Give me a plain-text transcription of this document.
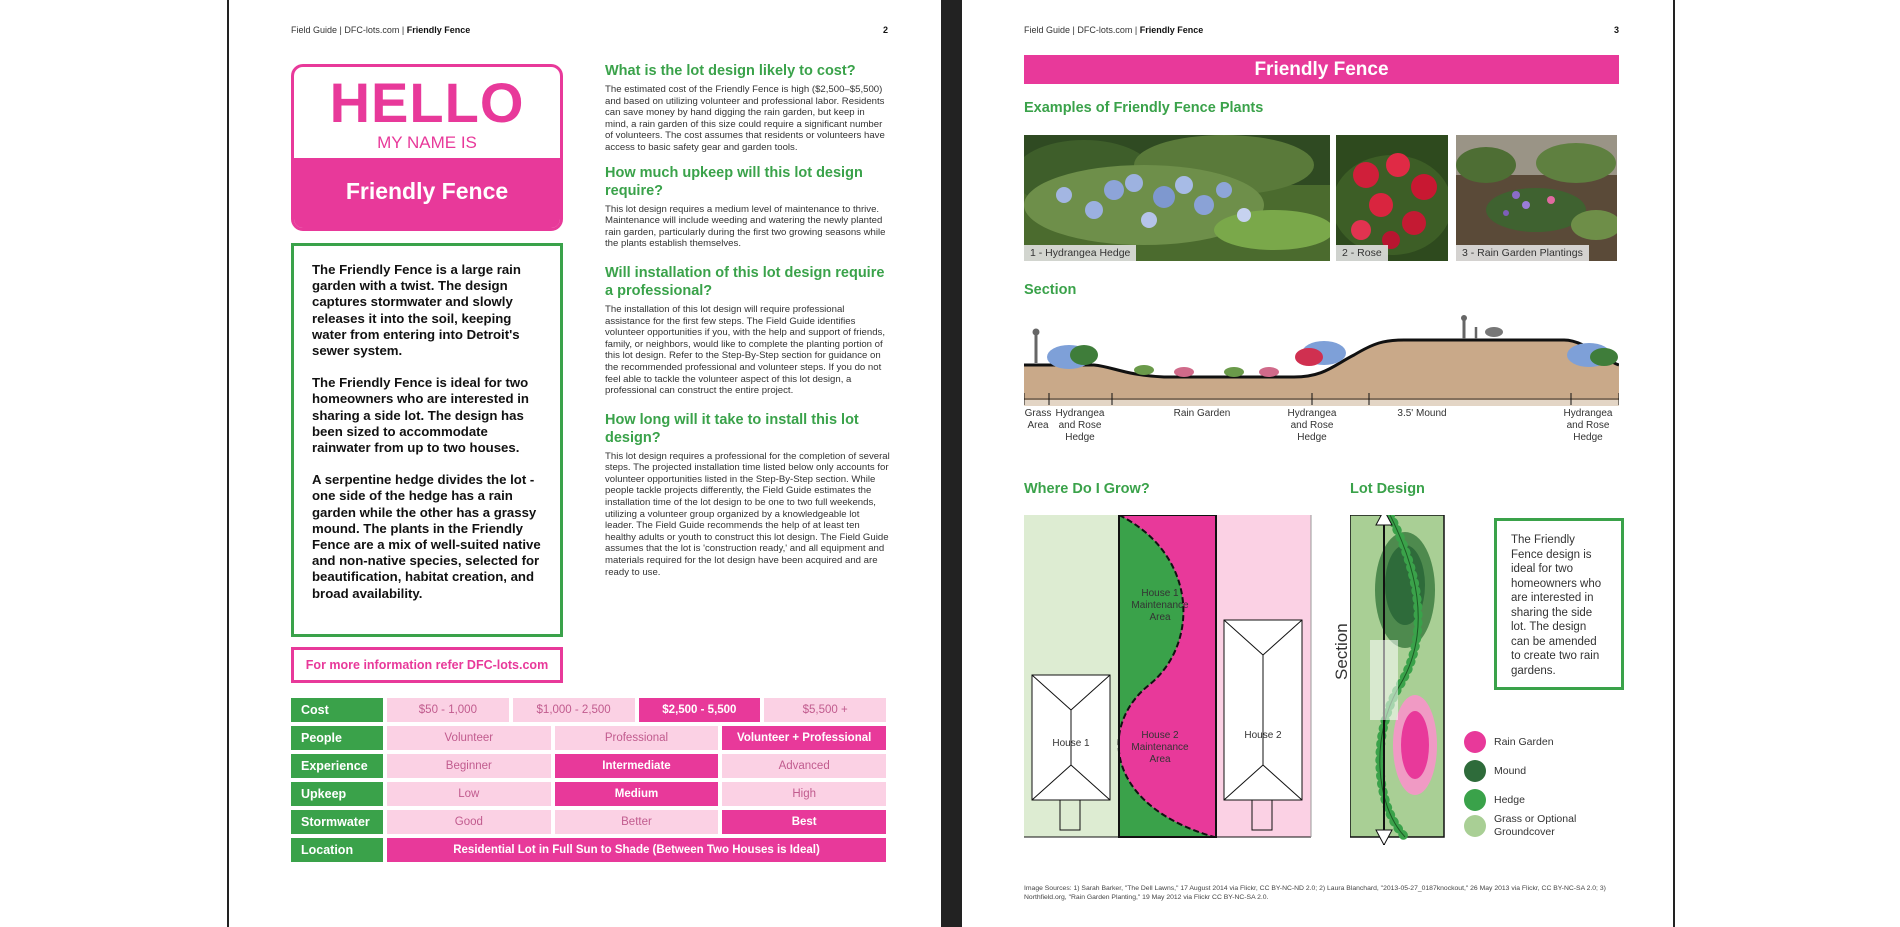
Field Guide | DFC-lots.com | Friendly Fence	2
HELLO
MY NAME IS
Friendly Fence

The Friendly Fence is a large rain garden with a twist. The design captures stormwater and slowly releases it into the soil, keeping water from entering into Detroit's sewer system.

The Friendly Fence is ideal for two homeowners who are interested in sharing a side lot. The design has been sized to accommodate rainwater from up to two houses.

A serpentine hedge divides the lot - one side of the hedge has a rain garden while the other has a grassy mound. The plants in the Friendly Fence are a mix of well-suited native and non-native species, selected for beautification, habitat creation, and broad availability.

For more information refer DFC-lots.com
What is the lot design likely to cost?
The estimated cost of the Friendly Fence is high ($2,500–$5,500) and based on utilizing volunteer and professional labor. Residents can save money by hand digging the rain garden, but keep in mind, a rain garden of this size could require a significant number of volunteers. The cost assumes that residents or volunteers have access to basic safety gear and garden tools.
How much upkeep will this lot design require?
This lot design requires a medium level of maintenance to thrive. Maintenance will include weeding and watering the newly planted rain garden, particularly during the first two growing seasons while the plants establish themselves.
Will installation of this lot design require a professional?
The installation of this lot design will require professional assistance for the first few steps. The Field Guide identifies volunteer opportunities if you, with the help and support of friends, family, or neighbors, would like to complete the planting portion of this lot design. Refer to the Step-By-Step section for guidance on the recommended professional and volunteer steps. If you do not feel able to tackle the volunteer aspect of this lot design, a professional can construct the entire project.
How long will it take to install this lot design?
This lot design requires a professional for the completion of several steps. The projected installation time listed below only accounts for volunteer opportunities listed in the Step-By-Step section. While people tackle projects differently, the Field Guide estimates the installation time of the lot design to be one to two full weekends, utilizing a volunteer group organized by a knowledgeable lot leader. The Field Guide recommends the help of at least ten healthy adults or youth to construct this lot design. The Field Guide assumes that the lot is 'construction ready,' and all equipment and materials required for the lot design have been acquired and are ready to use.
Cost	$50 - 1,000	$1,000 - 2,500	$2,500 - 5,500	$5,500 +
People	Volunteer	Professional	Volunteer + Professional
Experience	Beginner	Intermediate	Advanced
Upkeep	Low	Medium	High
Stormwater	Good	Better	Best
Location	Residential Lot in Full Sun to Shade (Between Two Houses is Ideal)
Field Guide | DFC-lots.com | Friendly Fence	3
Friendly Fence
Examples of Friendly Fence Plants
1 - Hydrangea Hedge	2 - Rose	3 - Rain Garden Plantings
Section
Grass Area
Hydrangea and Rose Hedge
Rain Garden	Hydrangea and Rose Hedge
3.5' Mound	Hydrangea and Rose Hedge
Where Do I Grow?	Lot Design
House 1
House 2
House 1 Maintenance Area
House 2 Maintenance Area
Section
The Friendly Fence design is ideal for two homeowners who are interested in sharing the side lot. The design can be amended to create two rain gardens.
Rain Garden
Mound
Hedge
Grass or Optional Groundcover
Image Sources: 1) Sarah Barker, "The Dell Lawns," 17 August 2014 via Flickr, CC BY-NC-ND 2.0; 2) Laura Blanchard, "2013-05-27_0187knockout," 26 May 2013 via Flickr, CC BY-NC-SA 2.0; 3) Northfield.org, "Rain Garden Planting," 19 May 2012 via Flickr CC BY-NC-SA 2.0.
